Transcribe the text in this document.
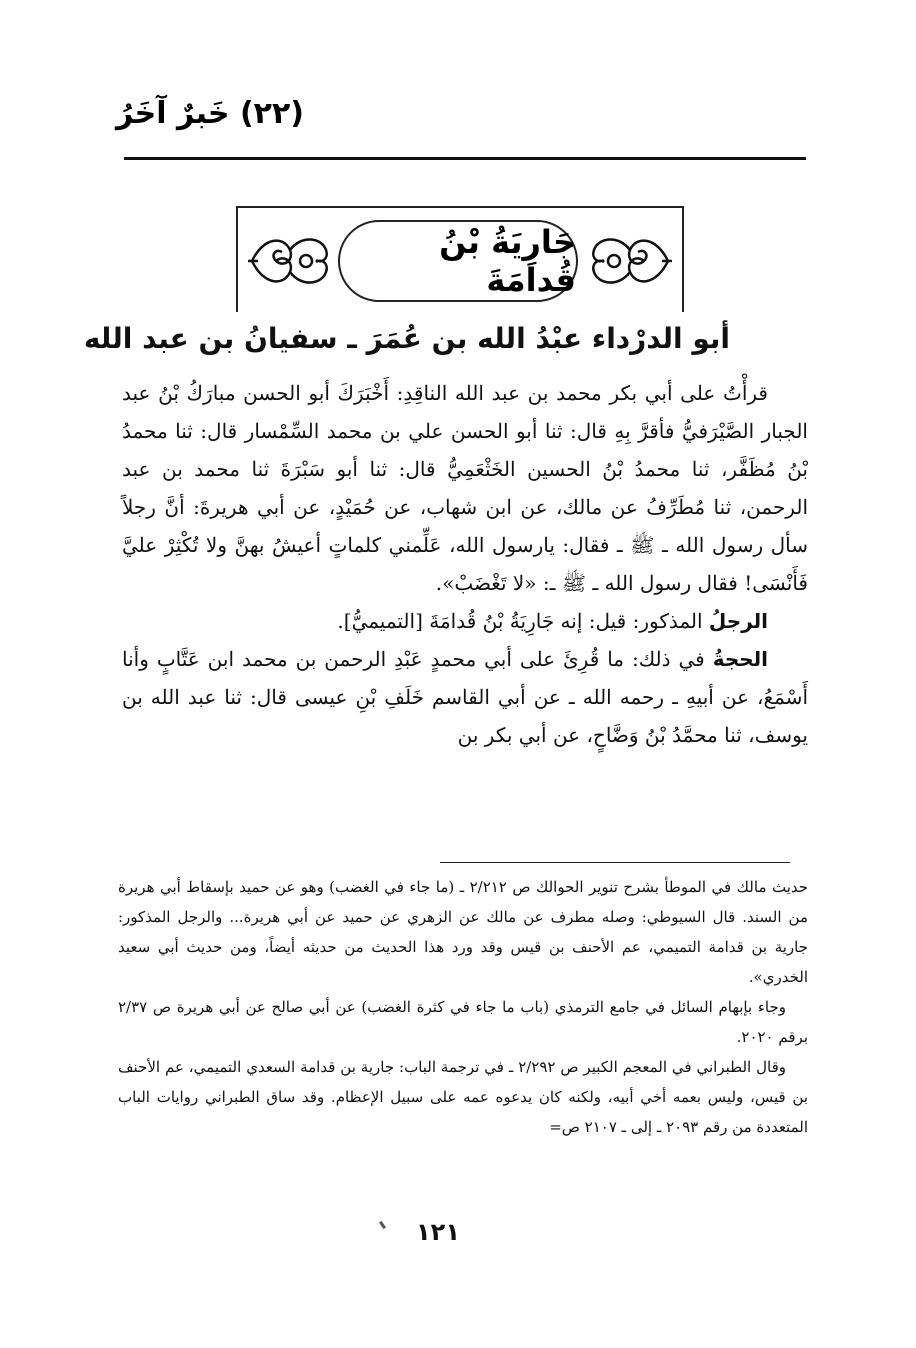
(٢٢) خَبرٌ آخَرُ
جَارِيَةُ بْنُ قُدامَةَ
أبو الدرْداء عبْدُ الله بن عُمَرَ ـ سفيانُ بن عبد الله

قرأْتُ على أبي بكر محمد بن عبد الله الناقِدِ: أَخْبَرَكَ أبو الحسن مبارَكُ بْنُ عبد الجبار الصَّيْرَفيُّ فأقرَّ بِهِ قال: ثنا أبو الحسن علي بن محمد السِّمْسار قال: ثنا محمدُ بْنُ مُظَفَّر، ثنا محمدُ بْنُ الحسين الخَثْعَمِيُّ قال: ثنا أبو سَبْرَةَ ثنا محمد بن عبد الرحمن، ثنا مُطَرِّفُ عن مالك، عن ابن شهاب، عن حُمَيْدٍ، عن أبي هريرةَ: أنَّ رجلاً سأل رسول الله ـ ﷺ ـ فقال: يارسول الله، عَلِّمني كلماتٍ أعيشُ بهنَّ ولا تُكْثِرْ عليَّ فَأَنْسَى! فقال رسول الله ـ ﷺ ـ: «لا تَغْضَبْ».

الرجلُ المذكور: قيل: إنه جَارِيَةُ بْنُ قُدامَةَ [التميميُّ].

الحجةُ في ذلك: ما قُرِئَ على أبي محمدٍ عَبْدِ الرحمن بن محمد ابن عَتَّابٍ وأنا أَسْمَعُ، عن أبيهِ ـ رحمه الله ـ عن أبي القاسم خَلَفِ بْنِ عيسى قال: ثنا عبد الله بن يوسف، ثنا محمَّدُ بْنُ وَضَّاحٍ، عن أبي بكر بن

حديث مالك في الموطأ بشرح تنوير الحوالك ص ٢/٢١٢ ـ (ما جاء في الغضب) وهو عن حميد بإسقاط أبي هريرة من السند. قال السيوطي: وصله مطرف عن مالك عن الزهري عن حميد عن أبي هريرة... والرجل المذكور: جارية بن قدامة التميمي، عم الأحنف بن قيس وقد ورد هذا الحديث من حديثه أيضاً، ومن حديث أبي سعيد الخدري».

وجاء بإبهام السائل في جامع الترمذي (باب ما جاء في كثرة الغضب) عن أبي صالح عن أبي هريرة ص ٢/٣٧ برقم ٢٠٢٠.

وقال الطبراني في المعجم الكبير ص ٢/٢٩٢ ـ في ترجمة الباب: جارية بن قدامة السعدي التميمي، عم الأحنف بن قيس، وليس بعمه أخي أبيه، ولكنه كان يدعوه عمه على سبيل الإعظام. وقد ساق الطبراني روايات الباب المتعددة من رقم ٢٠٩٣ ـ إلى ـ ٢١٠٧ ص=

١٢١
